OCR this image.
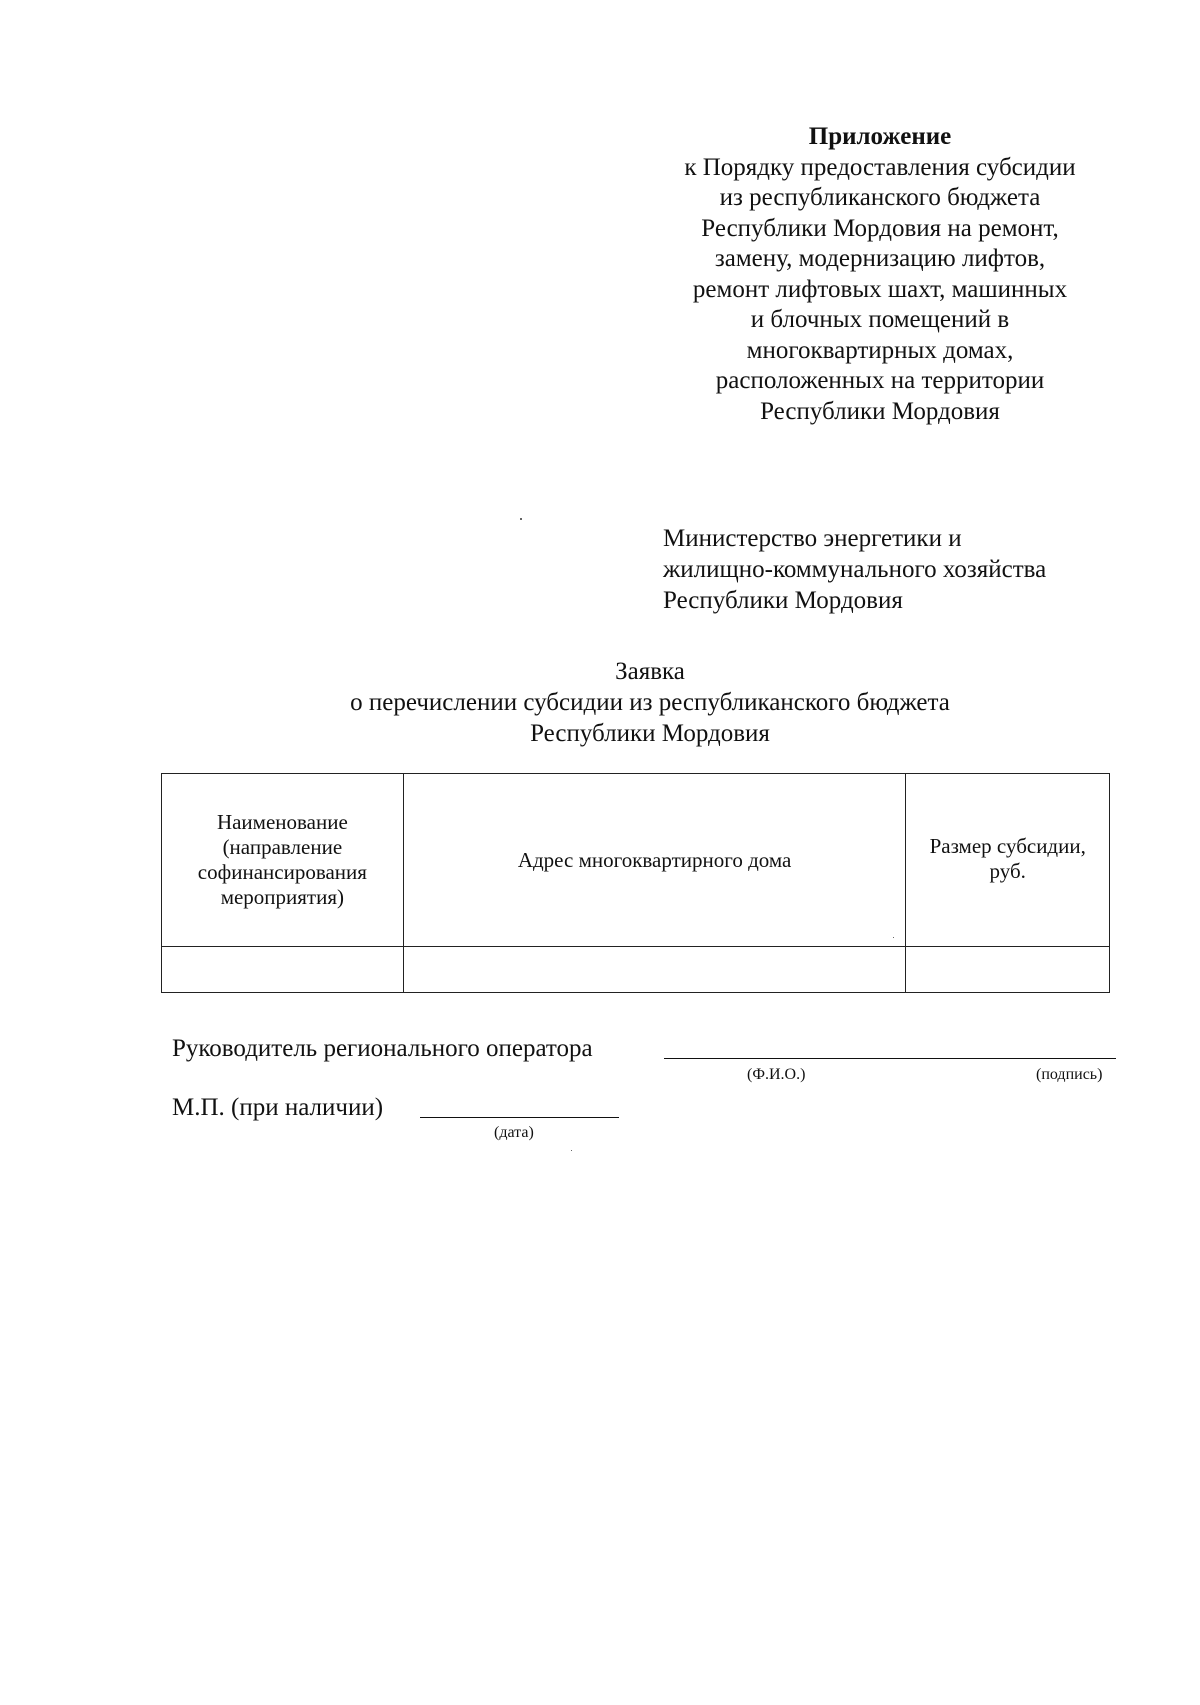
Приложение
к Порядку предоставления субсидии
из республиканского бюджета
Республики Мордовия на ремонт,
замену, модернизацию лифтов,
ремонт лифтовых шахт, машинных
и блочных помещений в
многоквартирных домах,
расположенных на территории
Республики Мордовия
Министерство энергетики и
жилищно-коммунального хозяйства
Республики Мордовия
Заявка
о перечислении субсидии из республиканского бюджета
Республики Мордовия
Наименование
(направление
софинансирования
мероприятия)	Адрес многоквартирного дома	Размер субсидии,
руб.

Руководитель регионального оператора
(Ф.И.О.)	(подпись)
М.П. (при наличии)
(дата)
